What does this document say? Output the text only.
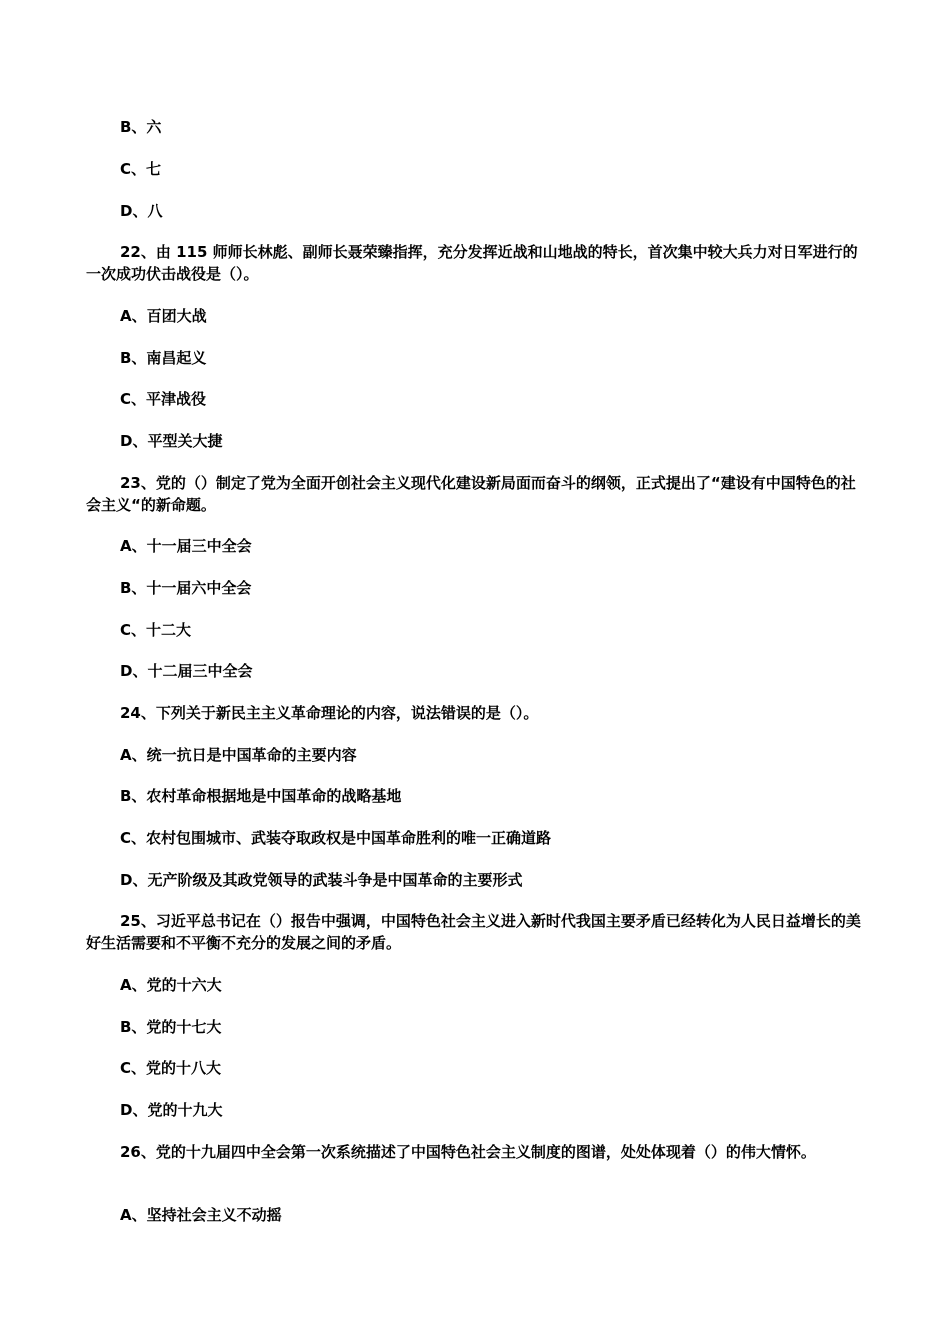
B、六

C、七

D、八

22、由 115 师师长林彪、副师长聂荣臻指挥，充分发挥近战和山地战的特长，首次集中较大兵力对日军进行的一次成功伏击战役是（）。

A、百团大战

B、南昌起义

C、平津战役

D、平型关大捷

23、党的（）制定了党为全面开创社会主义现代化建设新局面而奋斗的纲领，正式提出了“建设有中国特色的社会主义“的新命题。

A、十一届三中全会

B、十一届六中全会

C、十二大

D、十二届三中全会

24、下列关于新民主主义革命理论的内容，说法错误的是（）。

A、统一抗日是中国革命的主要内容

B、农村革命根据地是中国革命的战略基地

C、农村包围城市、武装夺取政权是中国革命胜利的唯一正确道路

D、无产阶级及其政党领导的武装斗争是中国革命的主要形式

25、习近平总书记在（）报告中强调，中国特色社会主义进入新时代我国主要矛盾已经转化为人民日益增长的美好生活需要和不平衡不充分的发展之间的矛盾。

A、党的十六大

B、党的十七大

C、党的十八大

D、党的十九大

26、党的十九届四中全会第一次系统描述了中国特色社会主义制度的图谱，处处体现着（）的伟大情怀。

A、坚持社会主义不动摇
